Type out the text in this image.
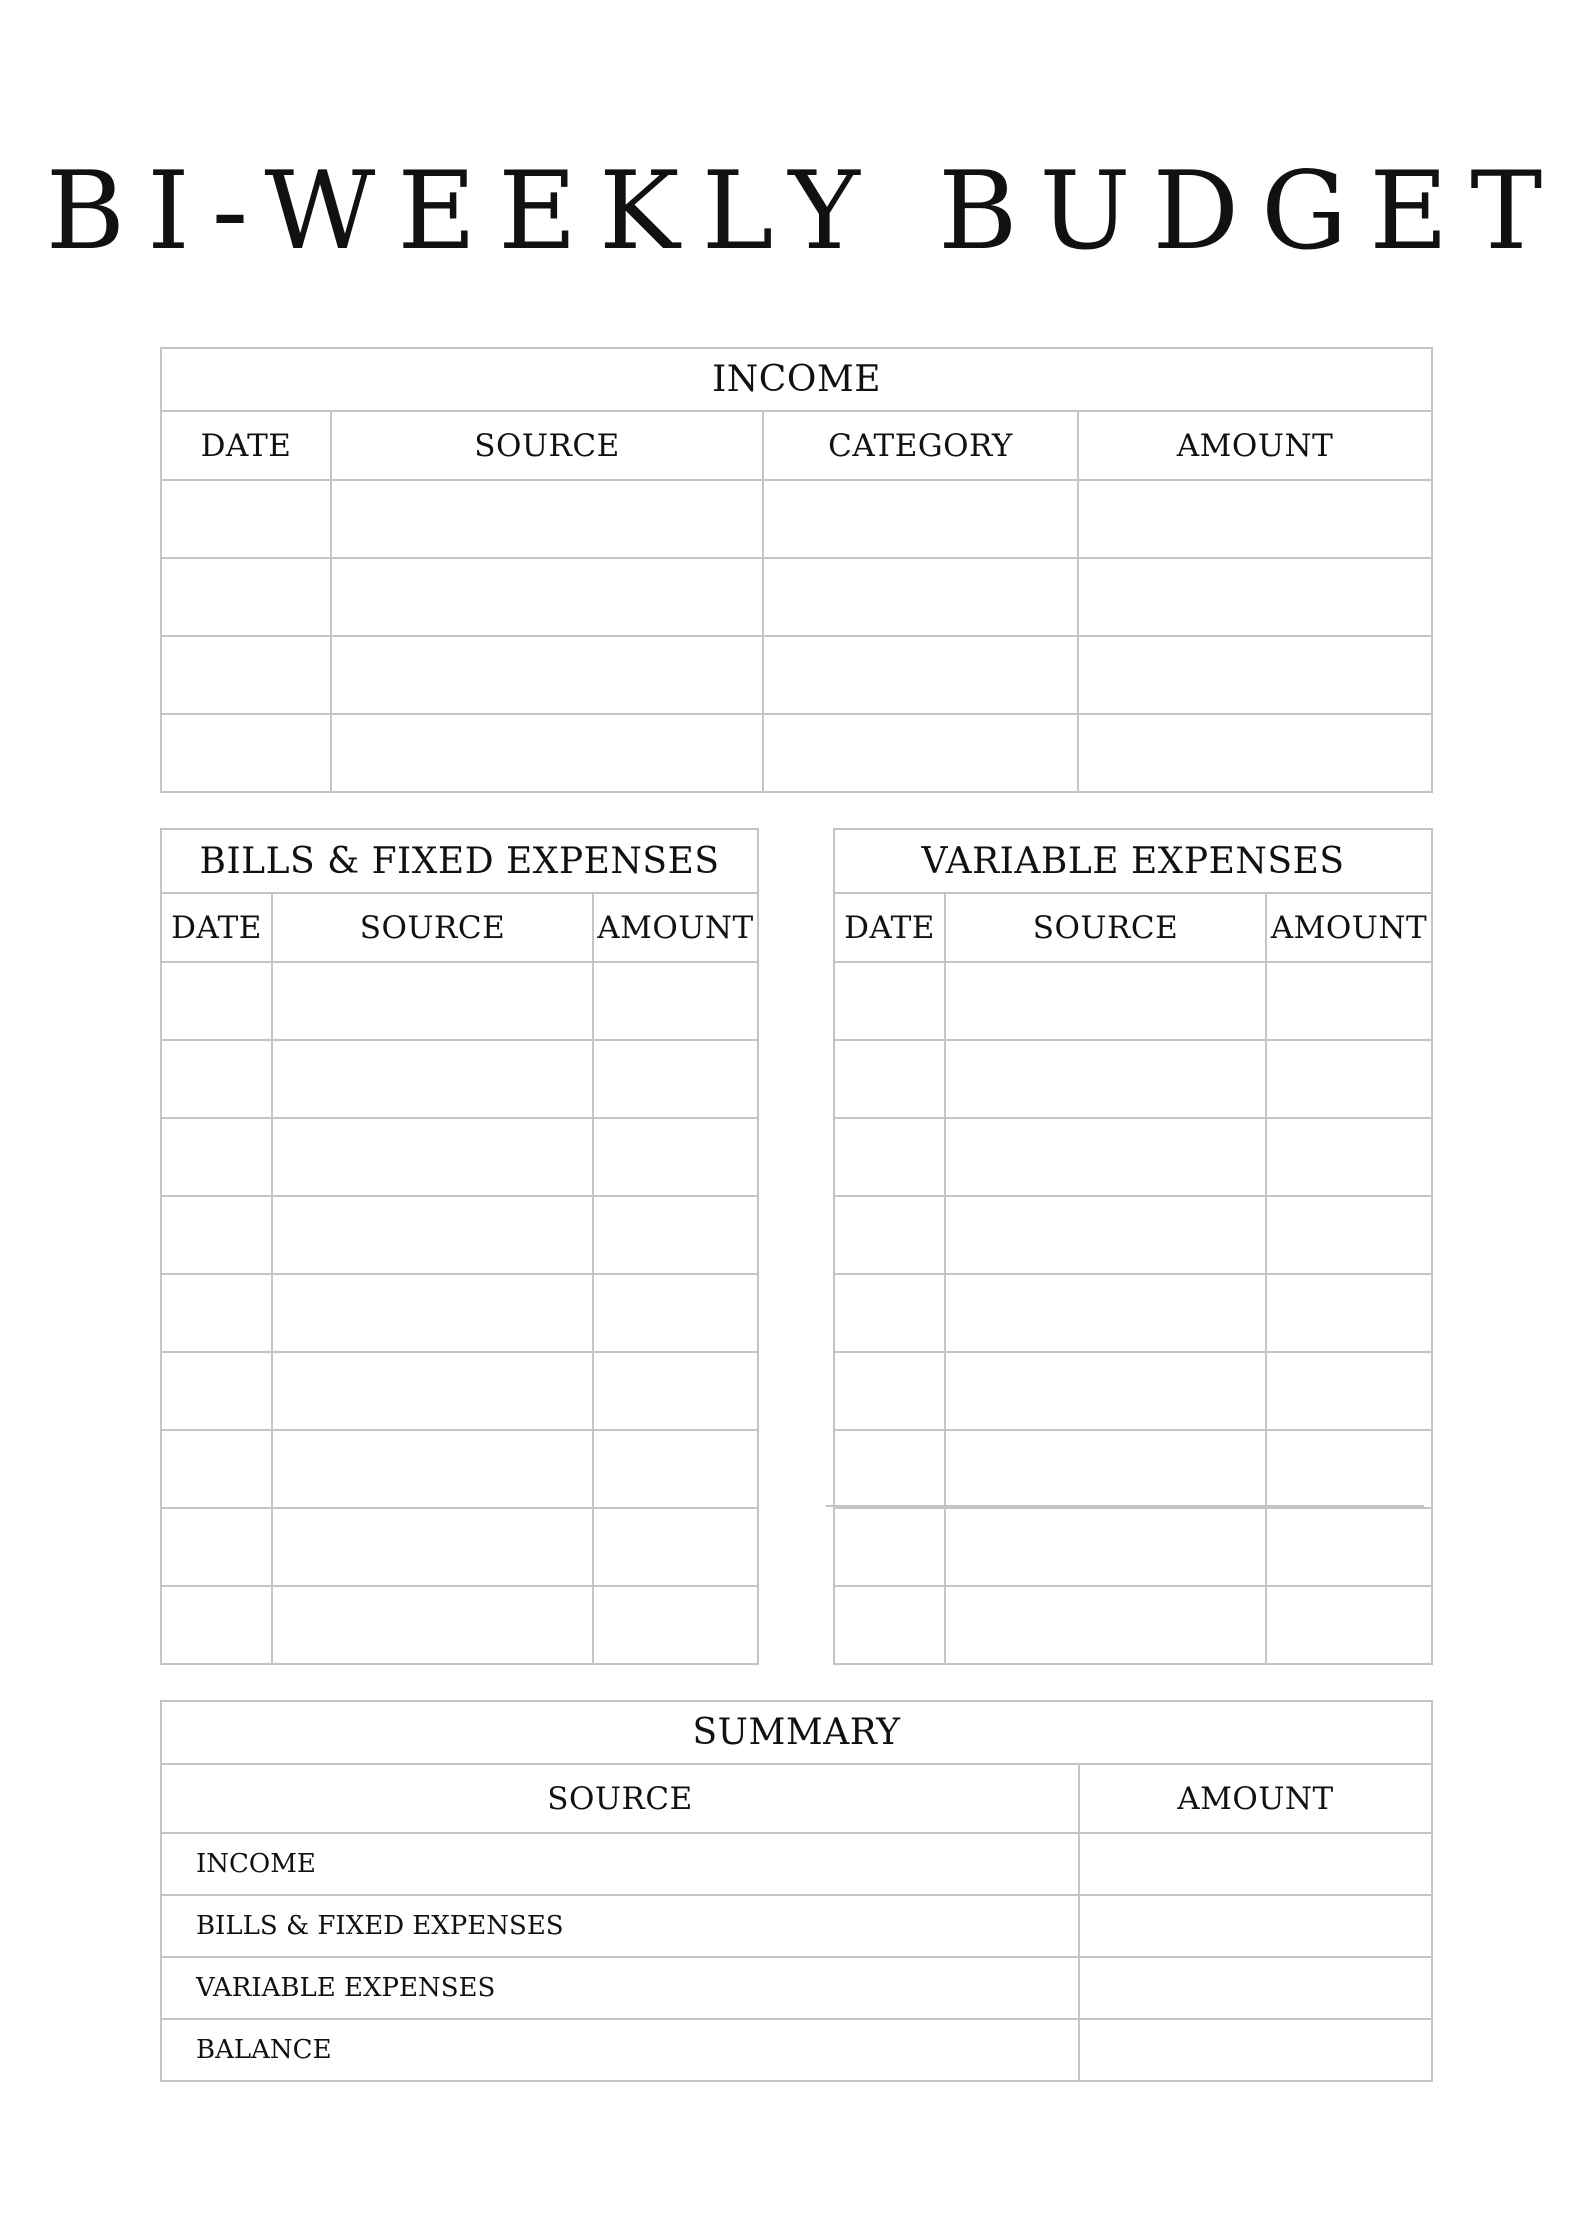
BI-WEEKLY BUDGET
INCOME			
DATE	SOURCE	CATEGORY	AMOUNT

BILLS & FIXED EXPENSES		
DATE	SOURCE	AMOUNT

VARIABLE EXPENSES		
DATE	SOURCE	AMOUNT

SUMMARY	
SOURCE	AMOUNT
INCOME	
BILLS & FIXED EXPENSES	
VARIABLE EXPENSES	
BALANCE	
